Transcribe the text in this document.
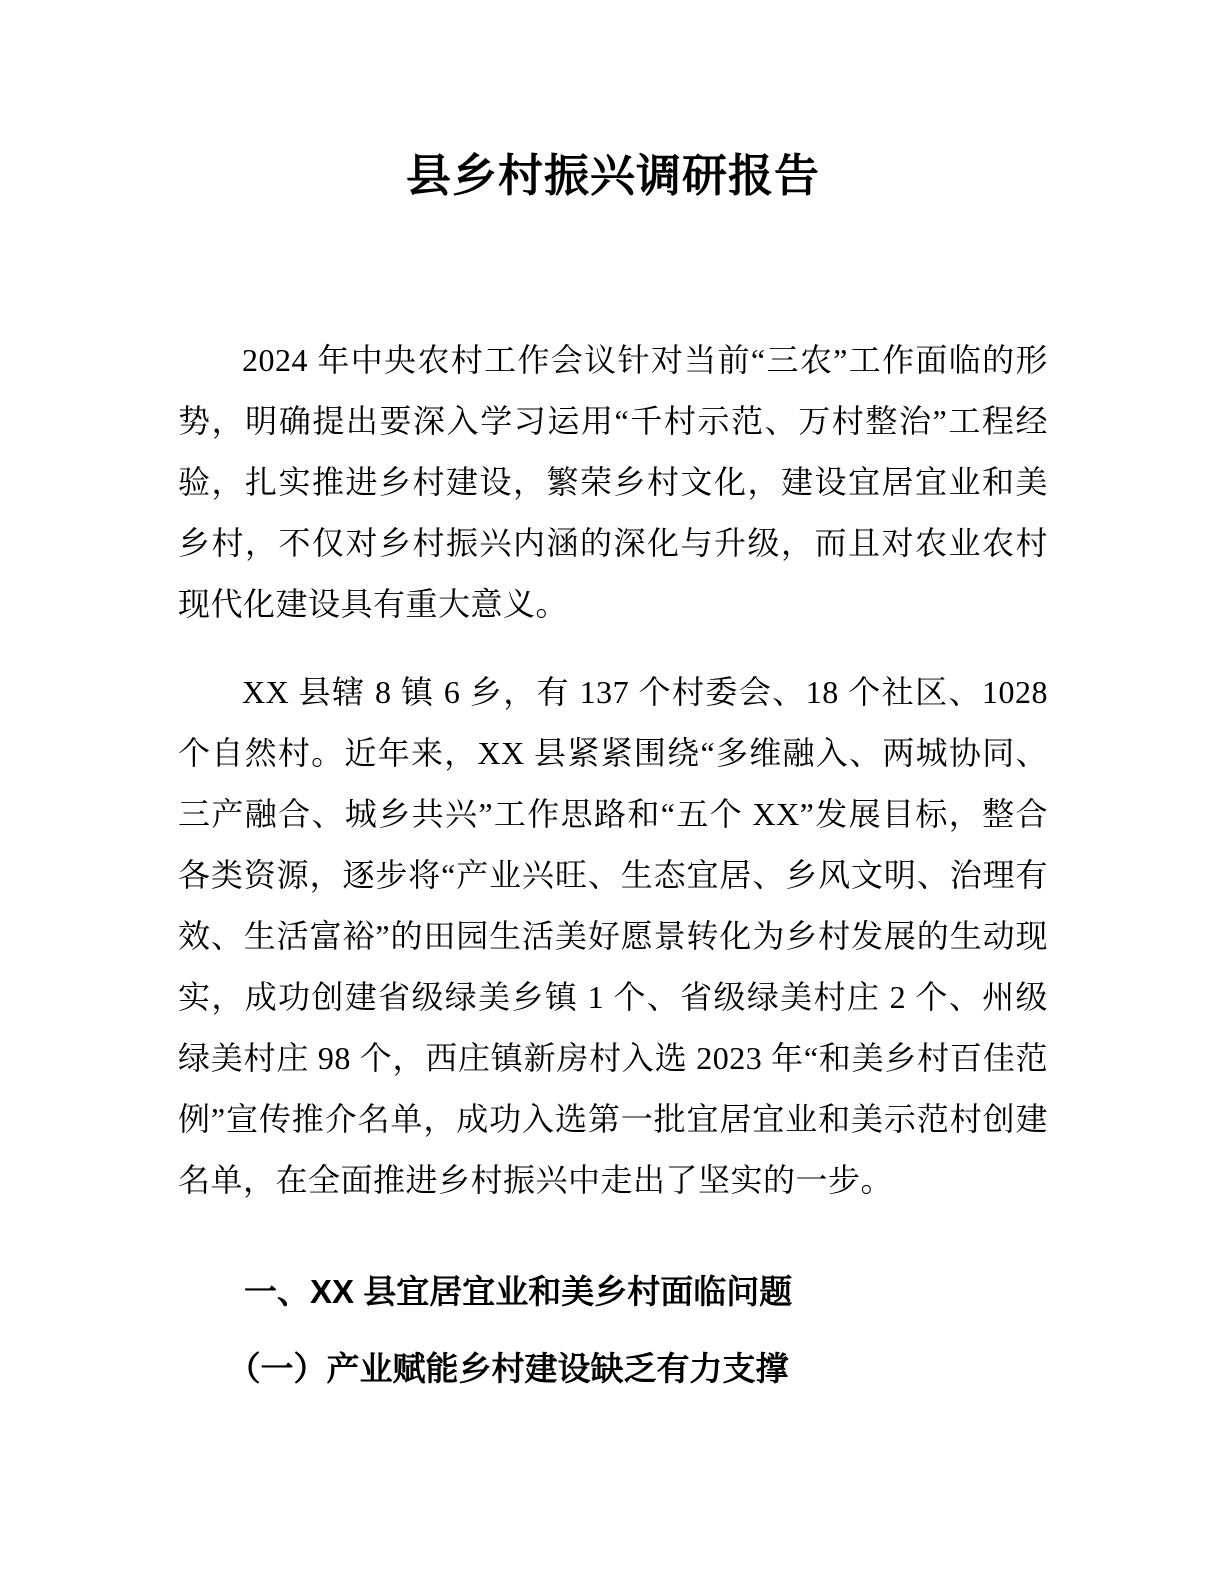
县乡村振兴调研报告

2024 年中央农村工作会议针对当前“三农”工作面临的形势，明确提出要深入学习运用“千村示范、万村整治”工程经验，扎实推进乡村建设，繁荣乡村文化，建设宜居宜业和美乡村，不仅对乡村振兴内涵的深化与升级，而且对农业农村现代化建设具有重大意义。

XX 县辖 8 镇 6 乡，有 137 个村委会、18 个社区、1028 个自然村。近年来，XX 县紧紧围绕“多维融入、两城协同、三产融合、城乡共兴”工作思路和“五个 XX”发展目标，整合各类资源，逐步将“产业兴旺、生态宜居、乡风文明、治理有效、生活富裕”的田园生活美好愿景转化为乡村发展的生动现实，成功创建省级绿美乡镇 1 个、省级绿美村庄 2 个、州级绿美村庄 98 个，西庄镇新房村入选 2023 年“和美乡村百佳范例”宣传推介名单，成功入选第一批宜居宜业和美示范村创建名单，在全面推进乡村振兴中走出了坚实的一步。

一、XX 县宜居宜业和美乡村面临问题
（一）产业赋能乡村建设缺乏有力支撑
